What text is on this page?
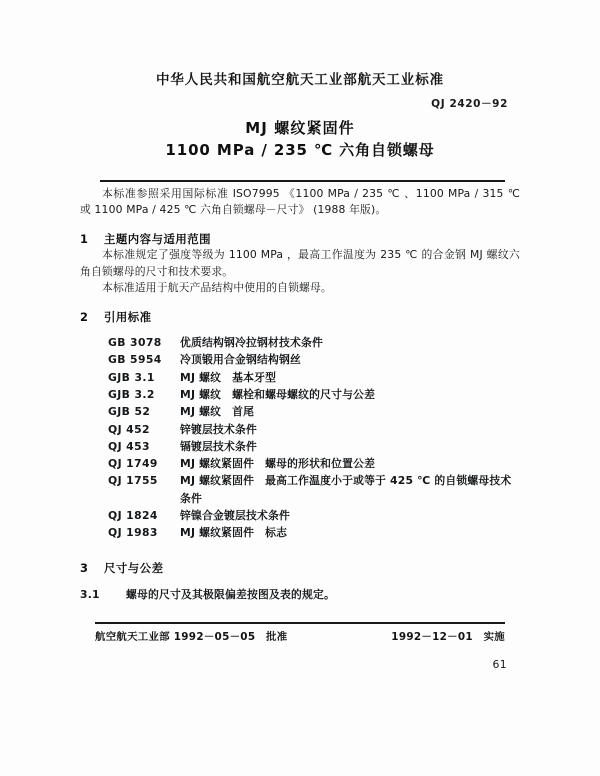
中华人民共和国航空航天工业部航天工业标准
QJ 2420－92
MJ 螺纹紧固件
1100 MPa / 235 ℃ 六角自锁螺母

本标准参照采用国际标准 ISO7995 《1100 MPa / 235 ℃ 、1100 MPa / 315 ℃ 或 1100 MPa / 425 ℃ 六角自锁螺母－尺寸》 (1988 年版)。

1 主题内容与适用范围

本标准规定了强度等级为 1100 MPa ，最高工作温度为 235 ℃ 的合金钢 MJ 螺纹六角自锁螺母的尺寸和技术要求。

本标准适用于航天产品结构中使用的自锁螺母。

2 引用标准
GB 3078	优质结构钢冷拉钢材技术条件
GB 5954	冷顶锻用合金钢结构钢丝
GJB 3.1	MJ 螺纹　基本牙型
GJB 3.2	MJ 螺纹　螺栓和螺母螺纹的尺寸与公差
GJB 52	MJ 螺纹　首尾
QJ 452	锌镀层技术条件
QJ 453	镉镀层技术条件
QJ 1749	MJ 螺纹紧固件　螺母的形状和位置公差
QJ 1755	MJ 螺纹紧固件　最高工作温度小于或等于 425 ℃ 的自锁螺母技术条件
QJ 1824	锌镍合金镀层技术条件
QJ 1983	MJ 螺纹紧固件　标志
3 尺寸与公差
3.1 螺母的尺寸及其极限偏差按图及表的规定。
航空航天工业部 1992－05－05　批准	1992－12－01　实施
61
